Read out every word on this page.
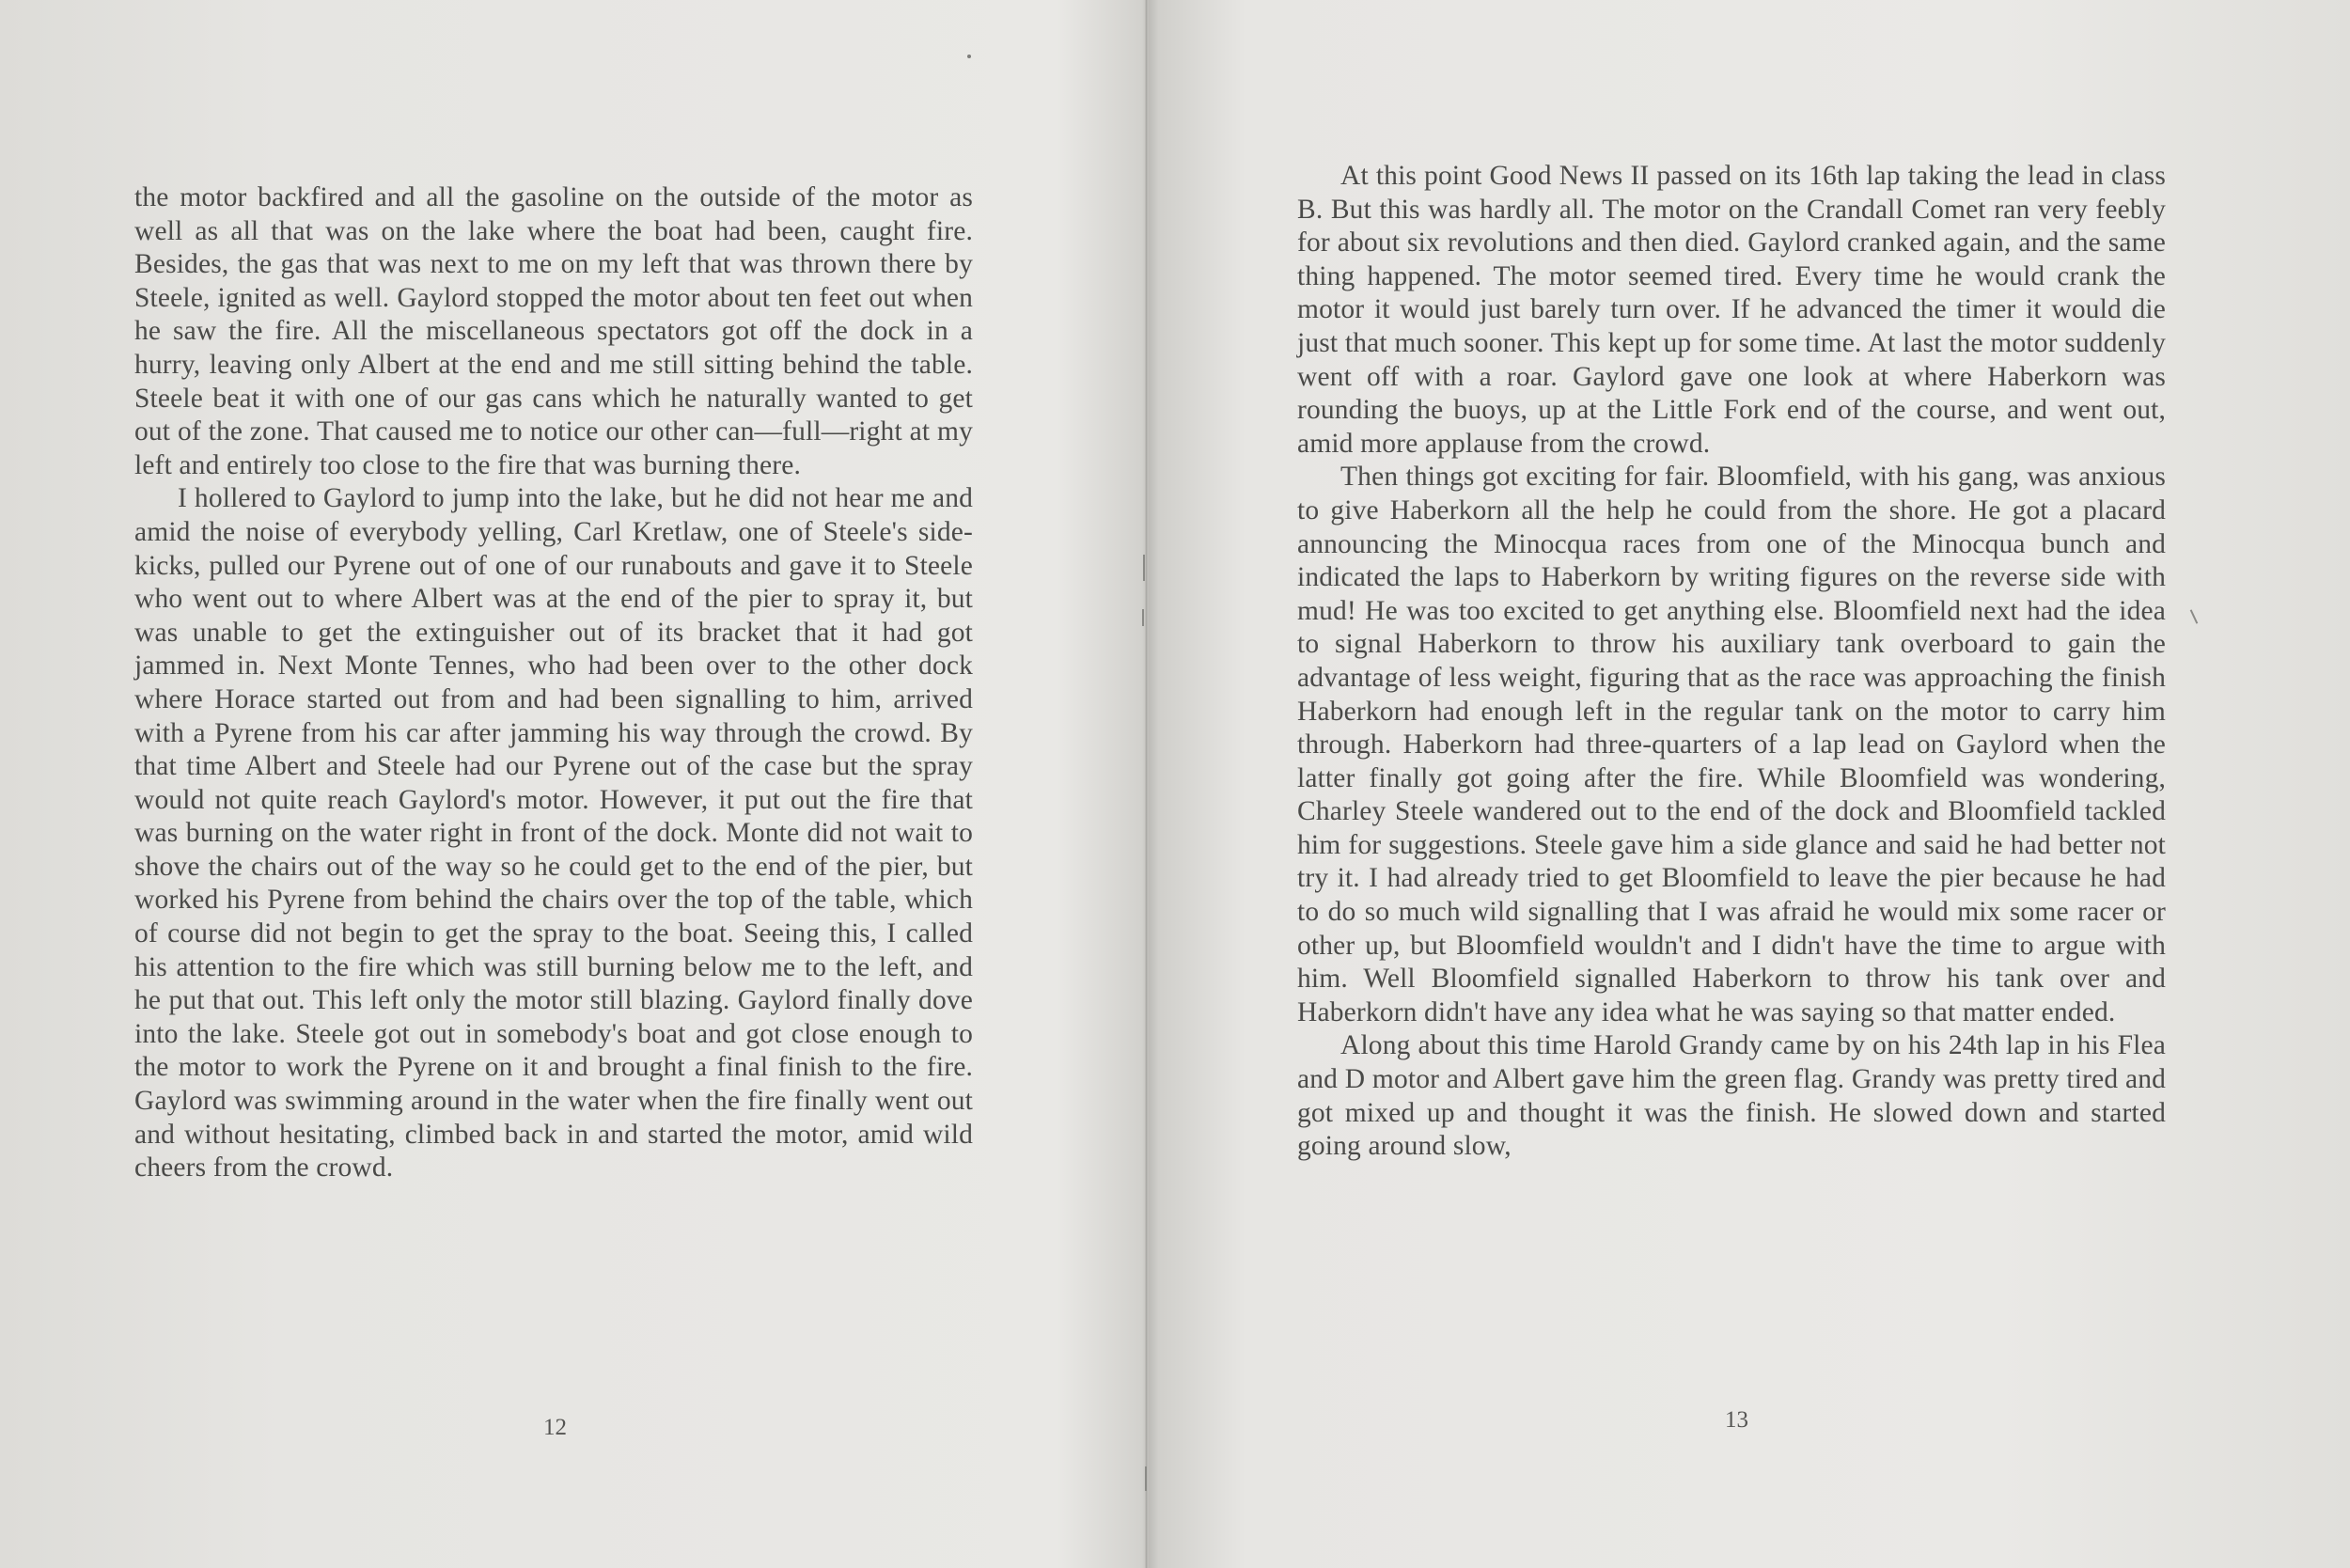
the motor backfired and all the gasoline on the outside of the motor as well as all that was on the lake where the boat had been, caught fire. Besides, the gas that was next to me on my left that was thrown there by Steele, ignited as well. Gaylord stopped the motor about ten feet out when he saw the fire. All the miscellaneous spectators got off the dock in a hurry, leaving only Albert at the end and me still sitting behind the table. Steele beat it with one of our gas cans which he naturally wanted to get out of the zone. That caused me to notice our other can—full—right at my left and entirely too close to the fire that was burning there.

I hollered to Gaylord to jump into the lake, but he did not hear me and amid the noise of everybody yelling, Carl Kretlaw, one of Steele's side-kicks, pulled our Pyrene out of one of our runabouts and gave it to Steele who went out to where Albert was at the end of the pier to spray it, but was unable to get the extinguisher out of its bracket that it had got jammed in. Next Monte Tennes, who had been over to the other dock where Horace started out from and had been signalling to him, arrived with a Pyrene from his car after jamming his way through the crowd. By that time Albert and Steele had our Pyrene out of the case but the spray would not quite reach Gaylord's motor. However, it put out the fire that was burning on the water right in front of the dock. Monte did not wait to shove the chairs out of the way so he could get to the end of the pier, but worked his Pyrene from behind the chairs over the top of the table, which of course did not begin to get the spray to the boat. Seeing this, I called his attention to the fire which was still burning below me to the left, and he put that out. This left only the motor still blazing. Gaylord finally dove into the lake. Steele got out in somebody's boat and got close enough to the motor to work the Pyrene on it and brought a final finish to the fire. Gaylord was swimming around in the water when the fire finally went out and without hesitating, climbed back in and started the motor, amid wild cheers from the crowd.

12

At this point Good News II passed on its 16th lap taking the lead in class B. But this was hardly all. The motor on the Crandall Comet ran very feebly for about six revolutions and then died. Gaylord cranked again, and the same thing happened. The motor seemed tired. Every time he would crank the motor it would just barely turn over. If he advanced the timer it would die just that much sooner. This kept up for some time. At last the motor suddenly went off with a roar. Gaylord gave one look at where Haberkorn was rounding the buoys, up at the Little Fork end of the course, and went out, amid more applause from the crowd.

Then things got exciting for fair. Bloomfield, with his gang, was anxious to give Haberkorn all the help he could from the shore. He got a placard announcing the Minocqua races from one of the Minocqua bunch and indicated the laps to Haberkorn by writing figures on the reverse side with mud! He was too excited to get anything else. Bloomfield next had the idea to signal Haberkorn to throw his auxiliary tank overboard to gain the advantage of less weight, figuring that as the race was approaching the finish Haberkorn had enough left in the regular tank on the motor to carry him through. Haberkorn had three-quarters of a lap lead on Gaylord when the latter finally got going after the fire. While Bloomfield was wondering, Charley Steele wandered out to the end of the dock and Bloomfield tackled him for suggestions. Steele gave him a side glance and said he had better not try it. I had already tried to get Bloomfield to leave the pier because he had to do so much wild signalling that I was afraid he would mix some racer or other up, but Bloomfield wouldn't and I didn't have the time to argue with him. Well Bloomfield signalled Haberkorn to throw his tank over and Haberkorn didn't have any idea what he was saying so that matter ended.

Along about this time Harold Grandy came by on his 24th lap in his Flea and D motor and Albert gave him the green flag. Grandy was pretty tired and got mixed up and thought it was the finish. He slowed down and started going around slow,

13
